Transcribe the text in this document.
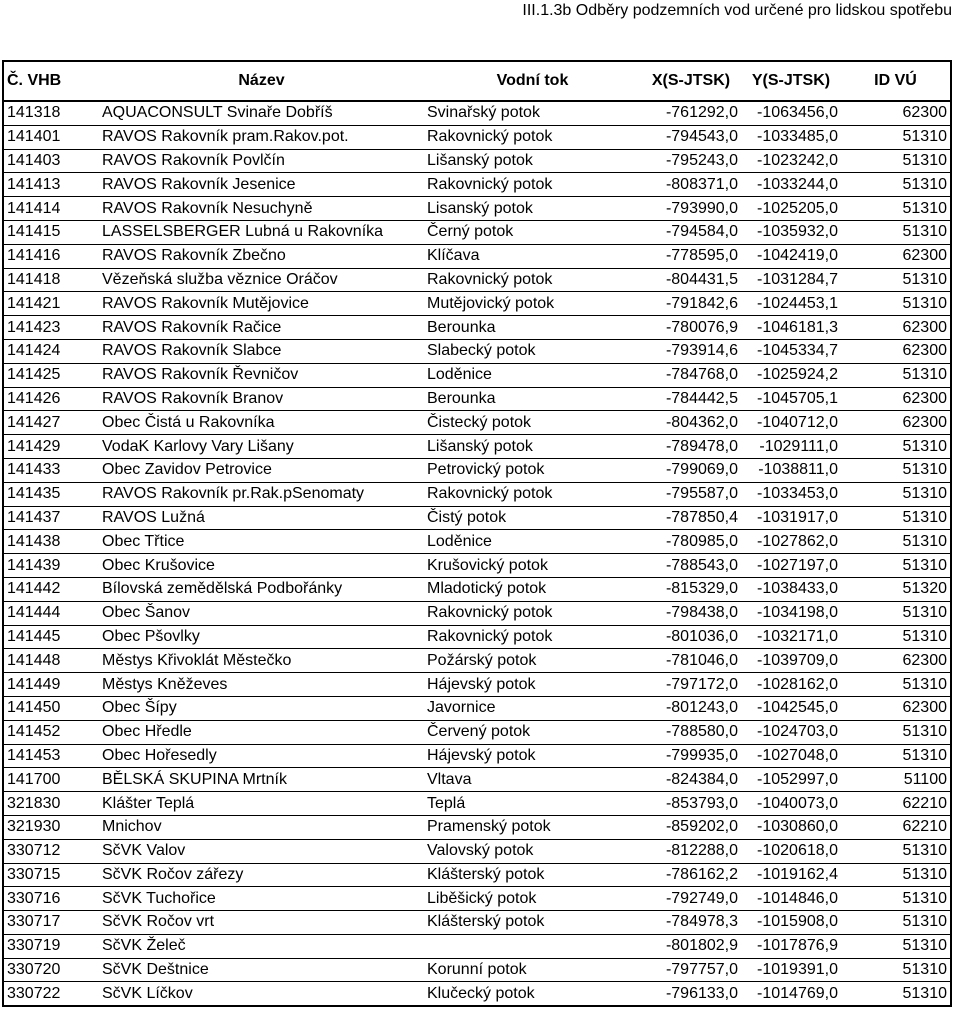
III.1.3b Odběry podzemních vod určené pro lidskou spotřebu
Č. VHB	Název	Vodní tok	X(S-JTSK)	Y(S-JTSK)	ID VÚ
141318	AQUACONSULT Svinaře Dobříš	Svinařský potok	-761292,0	-1063456,0	62300
141401	RAVOS Rakovník pram.Rakov.pot.	Rakovnický potok	-794543,0	-1033485,0	51310
141403	RAVOS Rakovník Povlčín	Lišanský potok	-795243,0	-1023242,0	51310
141413	RAVOS Rakovník Jesenice	Rakovnický potok	-808371,0	-1033244,0	51310
141414	RAVOS Rakovník Nesuchyně	Lisanský potok	-793990,0	-1025205,0	51310
141415	LASSELSBERGER Lubná u Rakovníka	Černý potok	-794584,0	-1035932,0	51310
141416	RAVOS Rakovník Zbečno	Klíčava	-778595,0	-1042419,0	62300
141418	Vězeňská služba věznice Oráčov	Rakovnický potok	-804431,5	-1031284,7	51310
141421	RAVOS Rakovník Mutějovice	Mutějovický potok	-791842,6	-1024453,1	51310
141423	RAVOS Rakovník Račice	Berounka	-780076,9	-1046181,3	62300
141424	RAVOS Rakovník Slabce	Slabecký potok	-793914,6	-1045334,7	62300
141425	RAVOS Rakovník Řevničov	Loděnice	-784768,0	-1025924,2	51310
141426	RAVOS Rakovník Branov	Berounka	-784442,5	-1045705,1	62300
141427	Obec Čistá u Rakovníka	Čistecký potok	-804362,0	-1040712,0	62300
141429	VodaK Karlovy Vary Lišany	Lišanský potok	-789478,0	-1029111,0	51310
141433	Obec Zavidov Petrovice	Petrovický potok	-799069,0	-1038811,0	51310
141435	RAVOS Rakovník pr.Rak.pSenomaty	Rakovnický potok	-795587,0	-1033453,0	51310
141437	RAVOS Lužná	Čistý potok	-787850,4	-1031917,0	51310
141438	Obec Třtice	Loděnice	-780985,0	-1027862,0	51310
141439	Obec Krušovice	Krušovický potok	-788543,0	-1027197,0	51310
141442	Bílovská zemědělská Podbořánky	Mladotický potok	-815329,0	-1038433,0	51320
141444	Obec Šanov	Rakovnický potok	-798438,0	-1034198,0	51310
141445	Obec Pšovlky	Rakovnický potok	-801036,0	-1032171,0	51310
141448	Městys Křivoklát Městečko	Požárský potok	-781046,0	-1039709,0	62300
141449	Městys Kněževes	Hájevský potok	-797172,0	-1028162,0	51310
141450	Obec Šípy	Javornice	-801243,0	-1042545,0	62300
141452	Obec Hředle	Červený potok	-788580,0	-1024703,0	51310
141453	Obec Hořesedly	Hájevský potok	-799935,0	-1027048,0	51310
141700	BĚLSKÁ SKUPINA Mrtník	Vltava	-824384,0	-1052997,0	51100
321830	Klášter Teplá	Teplá	-853793,0	-1040073,0	62210
321930	Mnichov	Pramenský potok	-859202,0	-1030860,0	62210
330712	SčVK Valov	Valovský potok	-812288,0	-1020618,0	51310
330715	SčVK Ročov zářezy	Klášterský potok	-786162,2	-1019162,4	51310
330716	SčVK Tuchořice	Liběšický potok	-792749,0	-1014846,0	51310
330717	SčVK Ročov vrt	Klášterský potok	-784978,3	-1015908,0	51310
330719	SčVK Želeč		-801802,9	-1017876,9	51310
330720	SčVK Deštnice	Korunní potok	-797757,0	-1019391,0	51310
330722	SčVK Líčkov	Klučecký potok	-796133,0	-1014769,0	51310
